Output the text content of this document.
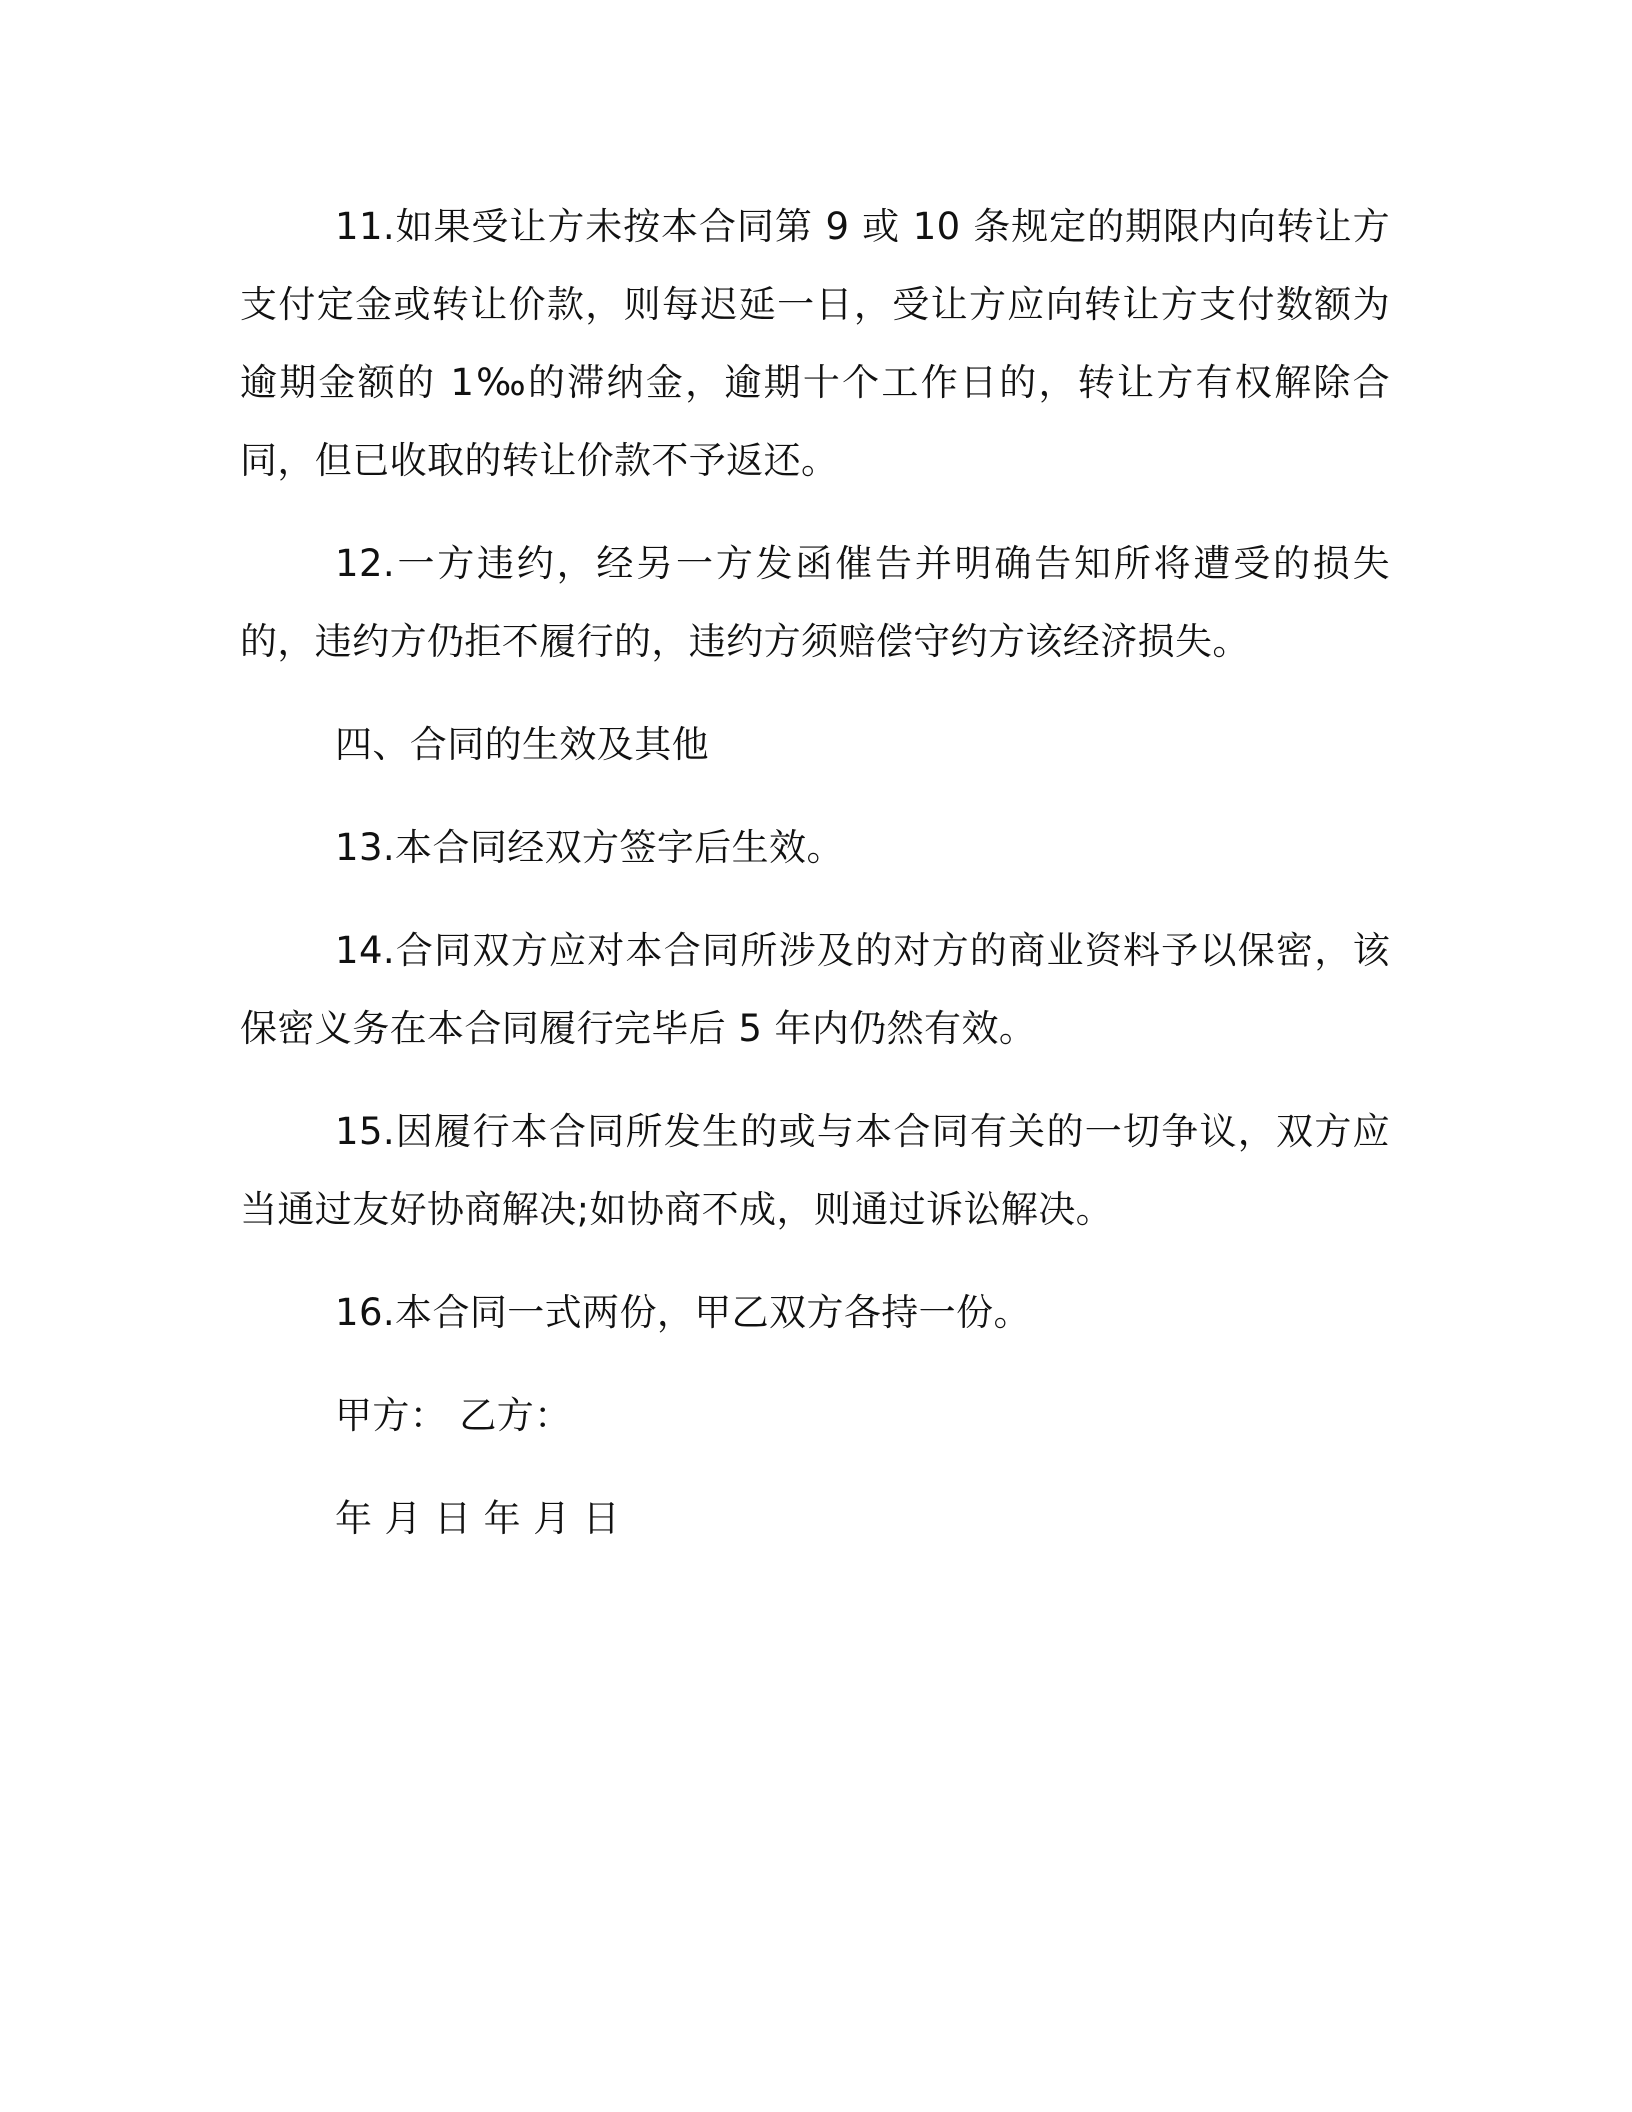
11.如果受让方未按本合同第 9 或 10 条规定的期限内向转让方支付定金或转让价款，则每迟延一日，受让方应向转让方支付数额为逾期金额的 1‰的滞纳金，逾期十个工作日的，转让方有权解除合同，但已收取的转让价款不予返还。

12.一方违约，经另一方发函催告并明确告知所将遭受的损失的，违约方仍拒不履行的，违约方须赔偿守约方该经济损失。

四、合同的生效及其他

13.本合同经双方签字后生效。

14.合同双方应对本合同所涉及的对方的商业资料予以保密，该保密义务在本合同履行完毕后 5 年内仍然有效。

15.因履行本合同所发生的或与本合同有关的一切争议，双方应当通过友好协商解决;如协商不成，则通过诉讼解决。

16.本合同一式两份，甲乙双方各持一份。

甲方： 乙方：

年 月 日 年 月 日
